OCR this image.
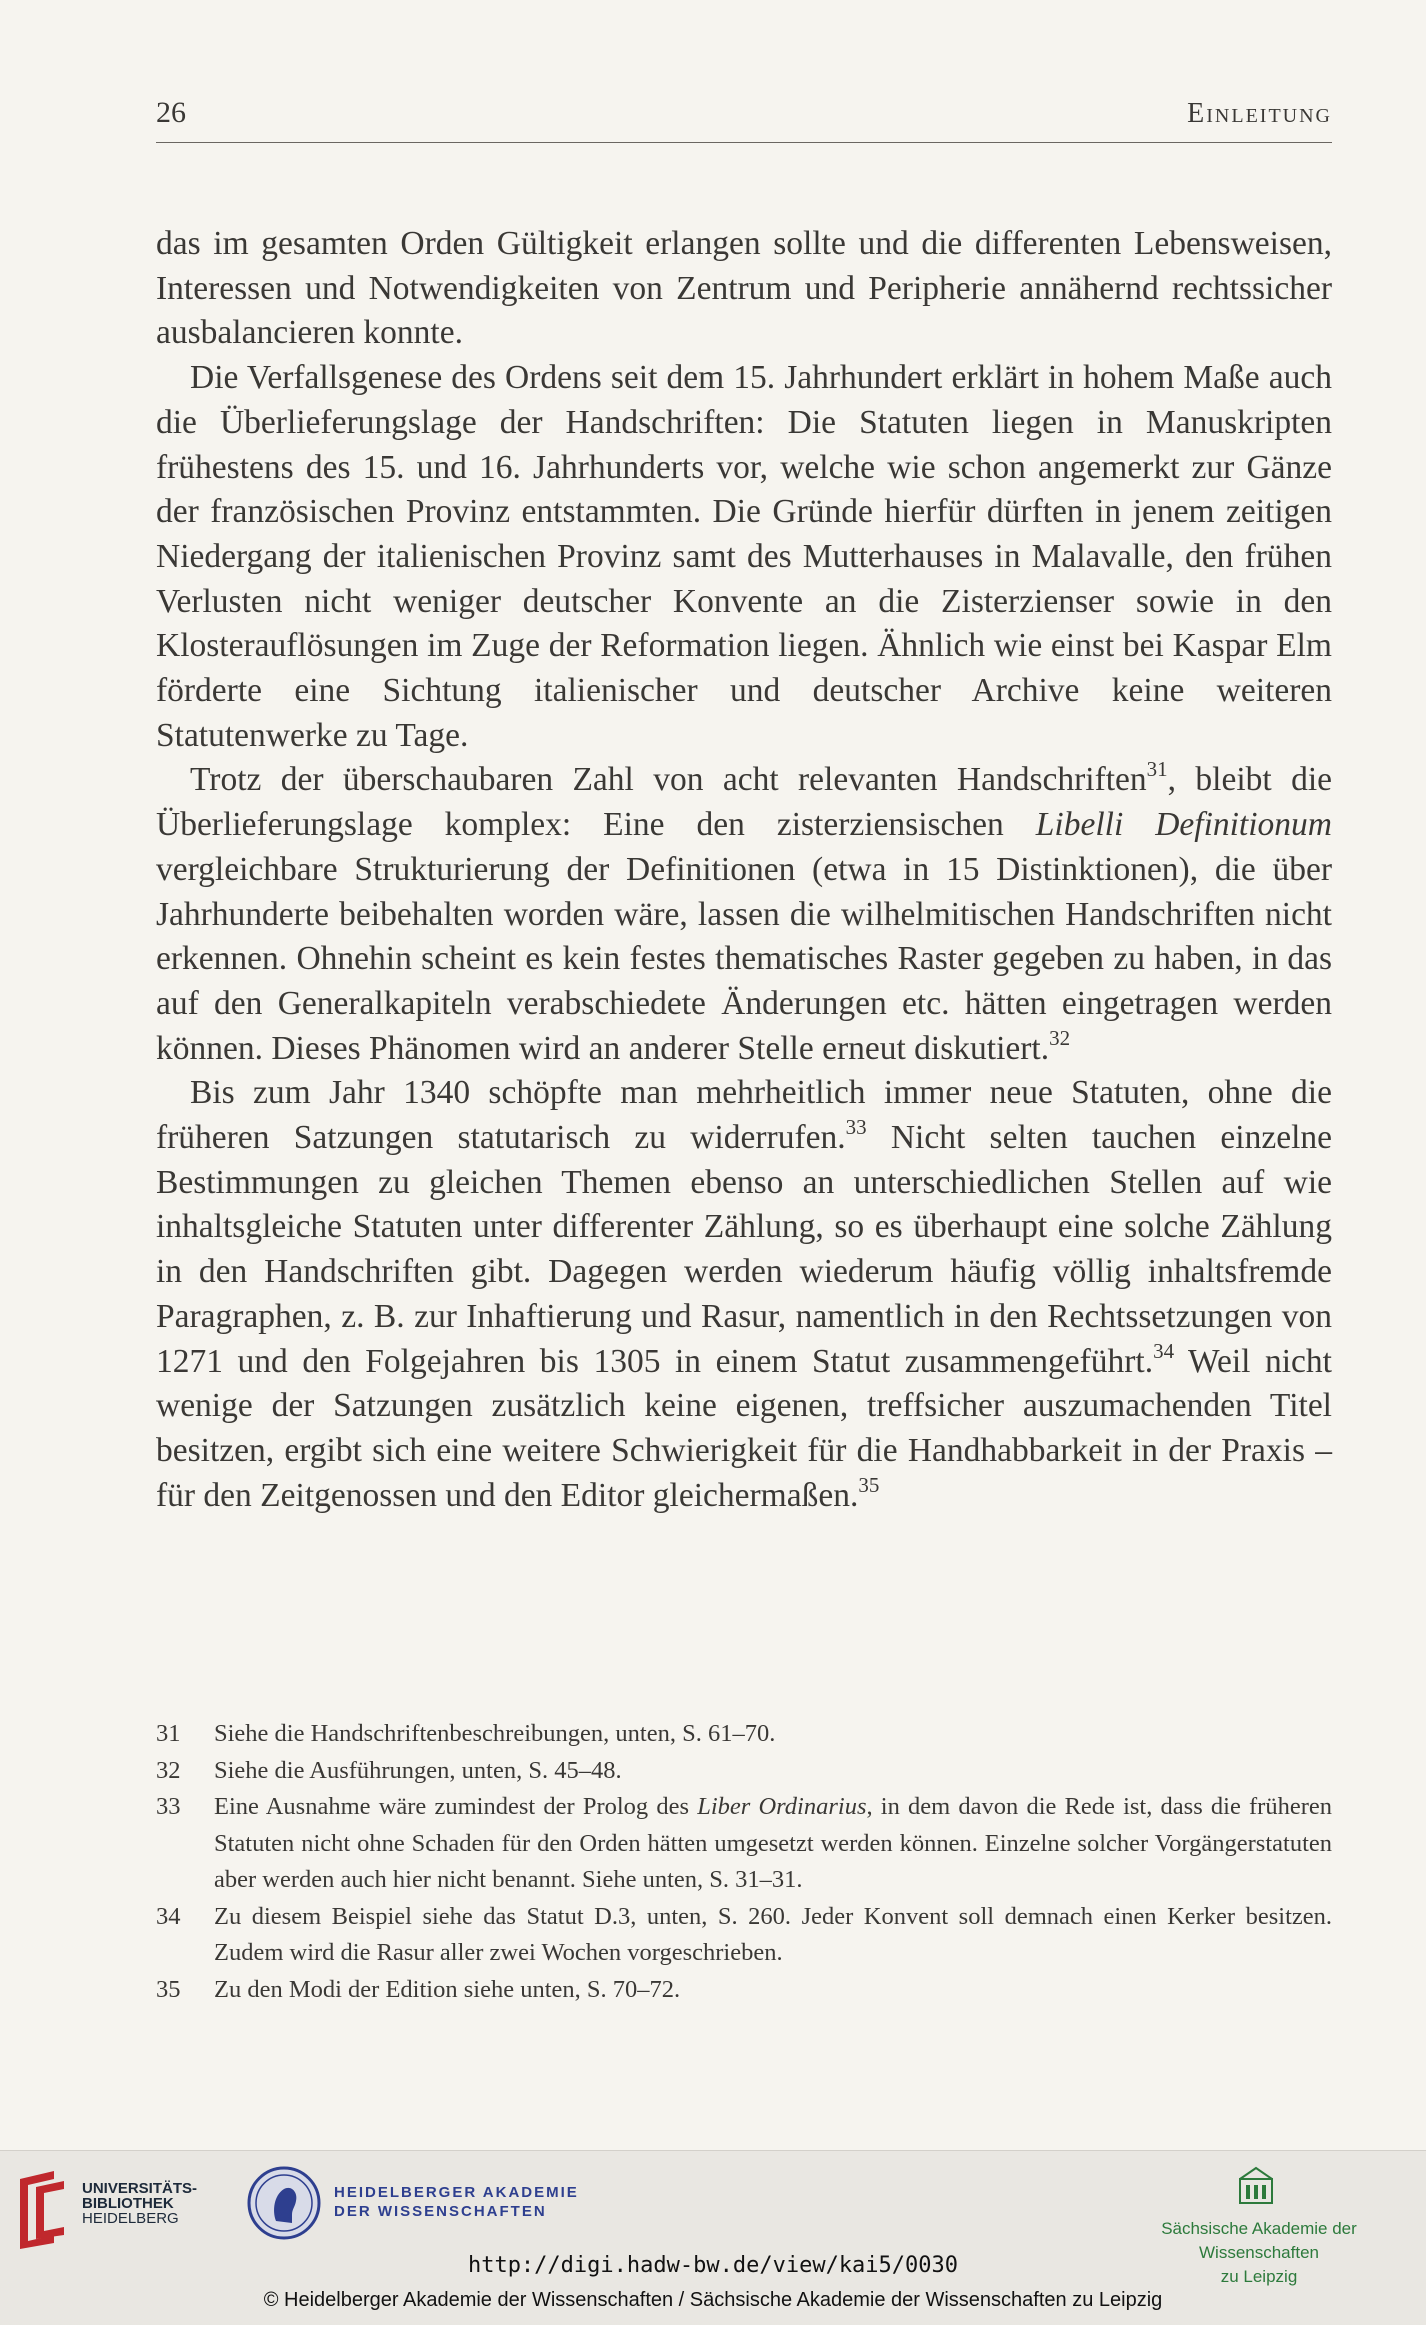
26	Einleitung

das im gesamten Orden Gültigkeit erlangen sollte und die differenten Lebensweisen, Interessen und Notwendigkeiten von Zentrum und Peripherie annähernd rechtssicher ausbalancieren konnte.

Die Verfallsgenese des Ordens seit dem 15. Jahrhundert erklärt in hohem Maße auch die Überlieferungslage der Handschriften: Die Statuten liegen in Manuskripten frühestens des 15. und 16. Jahrhunderts vor, welche wie schon angemerkt zur Gänze der französischen Provinz entstammten. Die Gründe hierfür dürften in jenem zeitigen Niedergang der italienischen Provinz samt des Mutterhauses in Malavalle, den frühen Verlusten nicht weniger deutscher Konvente an die Zisterzienser sowie in den Klosterauflösungen im Zuge der Reformation liegen. Ähnlich wie einst bei Kaspar Elm förderte eine Sichtung italienischer und deutscher Archive keine weiteren Statutenwerke zu Tage.

Trotz der überschaubaren Zahl von acht relevanten Handschriften$^{31}$, bleibt die Überlieferungslage komplex: Eine den zisterziensischen Libelli Definitionum vergleichbare Strukturierung der Definitionen (etwa in 15 Distinktionen), die über Jahrhunderte beibehalten worden wäre, lassen die wilhelmitischen Handschriften nicht erkennen. Ohnehin scheint es kein festes thematisches Raster gegeben zu haben, in das auf den Generalkapiteln verabschiedete Änderungen etc. hätten eingetragen werden können. Dieses Phänomen wird an anderer Stelle erneut diskutiert.$^{32}$

Bis zum Jahr 1340 schöpfte man mehrheitlich immer neue Statuten, ohne die früheren Satzungen statutarisch zu widerrufen.$^{33}$ Nicht selten tauchen einzelne Bestimmungen zu gleichen Themen ebenso an unterschiedlichen Stellen auf wie inhaltsgleiche Statuten unter differenter Zählung, so es überhaupt eine solche Zählung in den Handschriften gibt. Dagegen werden wiederum häufig völlig inhaltsfremde Paragraphen, z. B. zur Inhaftierung und Rasur, namentlich in den Rechtssetzungen von 1271 und den Folgejahren bis 1305 in einem Statut zusammengeführt.$^{34}$ Weil nicht wenige der Satzungen zusätzlich keine eigenen, treffsicher auszumachenden Titel besitzen, ergibt sich eine weitere Schwierigkeit für die Handhabbarkeit in der Praxis – für den Zeitgenossen und den Editor gleichermaßen.$^{35}$

31 Siehe die Handschriftenbeschreibungen, unten, S. 61–70.
32 Siehe die Ausführungen, unten, S. 45–48.
33 Eine Ausnahme wäre zumindest der Prolog des Liber Ordinarius, in dem davon die Rede ist, dass die früheren Statuten nicht ohne Schaden für den Orden hätten umgesetzt werden können. Einzelne solcher Vorgängerstatuten aber werden auch hier nicht benannt. Siehe unten, S. 31–31.
34 Zu diesem Beispiel siehe das Statut D.3, unten, S. 260. Jeder Konvent soll demnach einen Kerker besitzen. Zudem wird die Rasur aller zwei Wochen vorgeschrieben.
35 Zu den Modi der Edition siehe unten, S. 70–72.
UNIVERSITÄTS-
BIBLIOTHEK
HEIDELBERG
HEIDELBERGER AKADEMIE
DER WISSENSCHAFTEN
Sächsische Akademie der Wissenschaften
zu Leipzig
http://digi.hadw-bw.de/view/kai5/0030
© Heidelberger Akademie der Wissenschaften / Sächsische Akademie der Wissenschaften zu Leipzig
